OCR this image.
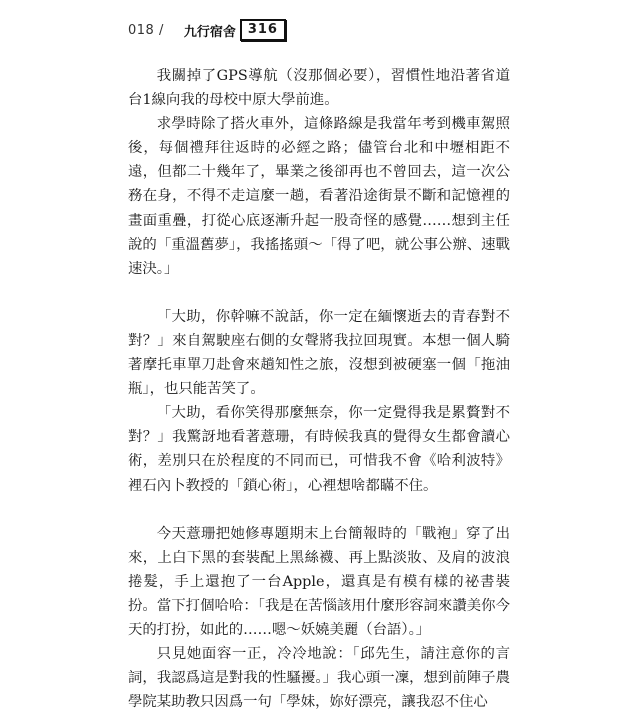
018 / 九行宿舍 316

我關掉了GPS導航（沒那個必要），習慣性地沿著省道台1線向我的母校中原大學前進。

求學時除了搭火車外，這條路線是我當年考到機車駕照後，每個禮拜往返時的必經之路；儘管台北和中壢相距不遠，但都二十幾年了，畢業之後卻再也不曾回去，這一次公務在身，不得不走這麼一趟，看著沿途街景不斷和記憶裡的畫面重疊，打從心底逐漸升起一股奇怪的感覺……想到主任說的「重溫舊夢」，我搖搖頭～「得了吧，就公事公辦、速戰速決。」

「大助，你幹嘛不說話，你一定在緬懷逝去的青春對不對？」來自駕駛座右側的女聲將我拉回現實。本想一個人騎著摩托車單刀赴會來趟知性之旅，沒想到被硬塞一個「拖油瓶」，也只能苦笑了。

「大助，看你笑得那麼無奈，你一定覺得我是累贅對不對？」我驚訝地看著薏珊，有時候我真的覺得女生都會讀心術，差別只在於程度的不同而已，可惜我不會《哈利波特》裡石內卜教授的「鎖心術」，心裡想啥都瞞不住。

今天薏珊把她修專題期末上台簡報時的「戰袍」穿了出來，上白下黑的套裝配上黑絲襪、再上點淡妝、及肩的波浪捲髮，手上還抱了一台Apple，還真是有模有樣的祕書裝扮。當下打個哈哈：「我是在苦惱該用什麼形容詞來讚美你今天的打扮，如此的……嗯～妖嬈美麗（台語）。」

只見她面容一正，冷冷地說：「邱先生，請注意你的言詞，我認爲這是對我的性騷擾。」我心頭一凜，想到前陣子農學院某助教只因爲一句「學妹，妳好漂亮，讓我忍不住心
